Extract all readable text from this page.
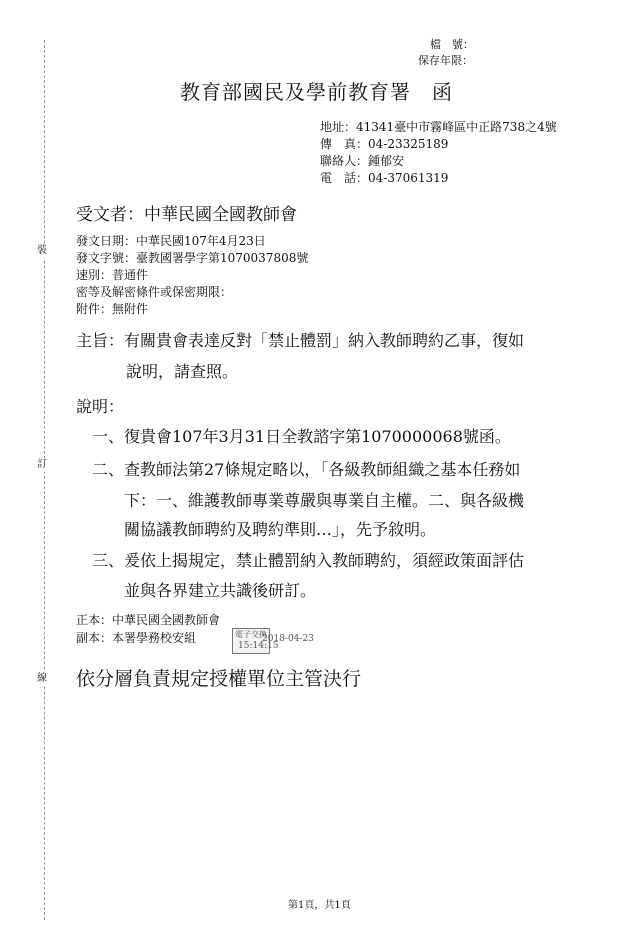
裝
訂
線
檔　號：
保存年限：
教育部國民及學前教育署　函
地址：41341臺中市霧峰區中正路738之4號
傳　真：04-23325189
聯絡人：鍾郁安
電　話：04-37061319
受文者：中華民國全國教師會
發文日期：中華民國107年4月23日
發文字號：臺教國署學字第1070037808號
速別：普通件
密等及解密條件或保密期限：
附件：無附件
主旨：有關貴會表達反對「禁止體罰」納入教師聘約乙事，復如
說明，請查照。
說明：
一、復貴會107年3月31日全教諮字第1070000068號函。
二、查教師法第27條規定略以，「各級教師組織之基本任務如
下：一、維護教師專業尊嚴與專業自主權。二、與各級機
關協議教師聘約及聘約準則…」，先予敘明。
三、爰依上揭規定，禁止體罰納入教師聘約，須經政策面評估
並與各界建立共識後研訂。
正本：中華民國全國教師會
副本：本署學務校安組	電子交換
2018-04-23
15:14:15
依分層負責規定授權單位主管決行
第1頁，共1頁
